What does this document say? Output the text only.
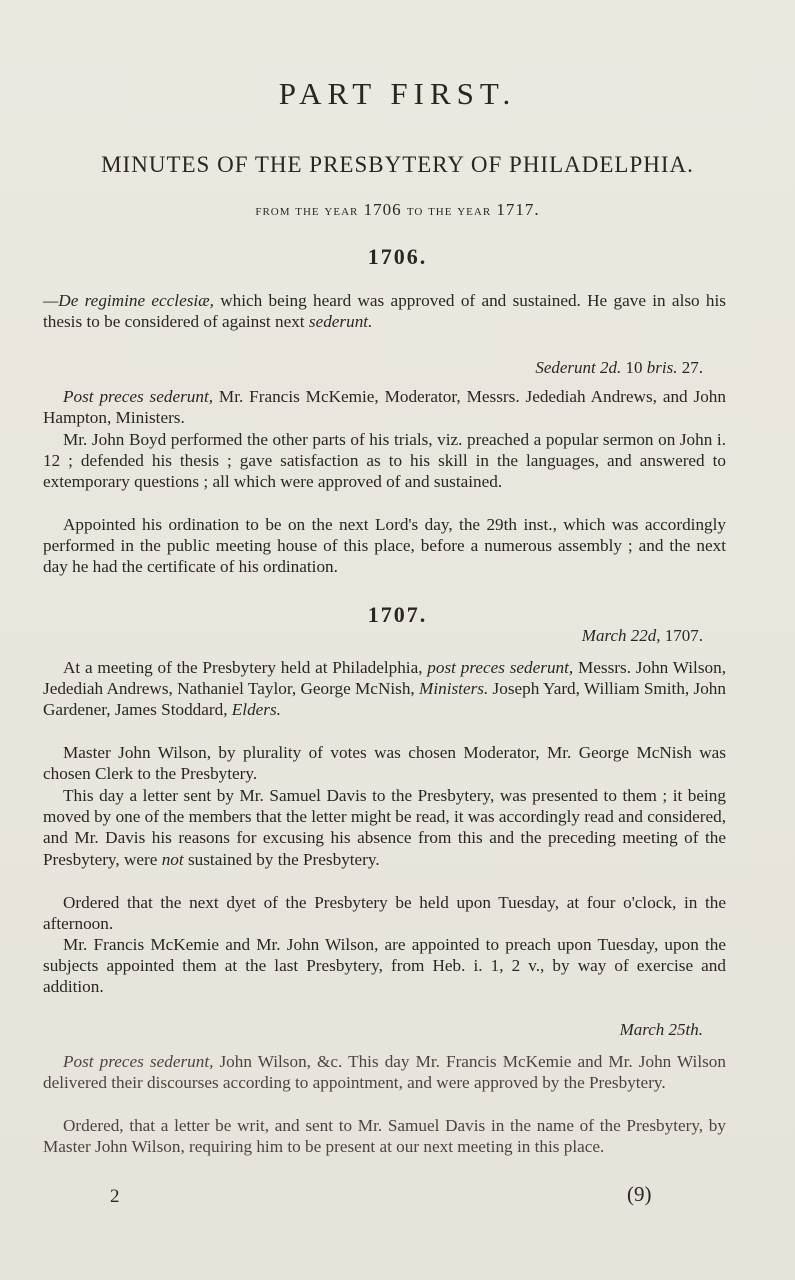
PART FIRST.
MINUTES OF THE PRESBYTERY OF PHILADELPHIA.
from the year 1706 to the year 1717.
1706.
—De regimine ecclesiæ, which being heard was approved of and sustained. He gave in also his thesis to be considered of against next sederunt.
Sederunt 2d. 10 bris. 27.
Post preces sederunt, Mr. Francis McKemie, Moderator, Messrs. Jedediah Andrews, and John Hampton, Ministers.
Mr. John Boyd performed the other parts of his trials, viz. preached a popular sermon on John i. 12 ; defended his thesis ; gave satisfaction as to his skill in the languages, and answered to extemporary questions ; all which were approved of and sustained.
Appointed his ordination to be on the next Lord's day, the 29th inst., which was accordingly performed in the public meeting house of this place, before a numerous assembly ; and the next day he had the certificate of his ordination.
1707.
March 22d, 1707.
At a meeting of the Presbytery held at Philadelphia, post preces sederunt, Messrs. John Wilson, Jedediah Andrews, Nathaniel Taylor, George McNish, Ministers. Joseph Yard, William Smith, John Gardener, James Stoddard, Elders.
Master John Wilson, by plurality of votes was chosen Moderator, Mr. George McNish was chosen Clerk to the Presbytery.
This day a letter sent by Mr. Samuel Davis to the Presbytery, was presented to them ; it being moved by one of the members that the letter might be read, it was accordingly read and considered, and Mr. Davis his reasons for excusing his absence from this and the preceding meeting of the Presbytery, were not sustained by the Presbytery.
Ordered that the next dyet of the Presbytery be held upon Tuesday, at four o'clock, in the afternoon.
Mr. Francis McKemie and Mr. John Wilson, are appointed to preach upon Tuesday, upon the subjects appointed them at the last Presbytery, from Heb. i. 1, 2 v., by way of exercise and addition.
March 25th.
Post preces sederunt, John Wilson, &c. This day Mr. Francis McKemie and Mr. John Wilson delivered their discourses according to appointment, and were approved by the Presbytery.
Ordered, that a letter be writ, and sent to Mr. Samuel Davis in the name of the Presbytery, by Master John Wilson, requiring him to be present at our next meeting in this place.
2	(9)
